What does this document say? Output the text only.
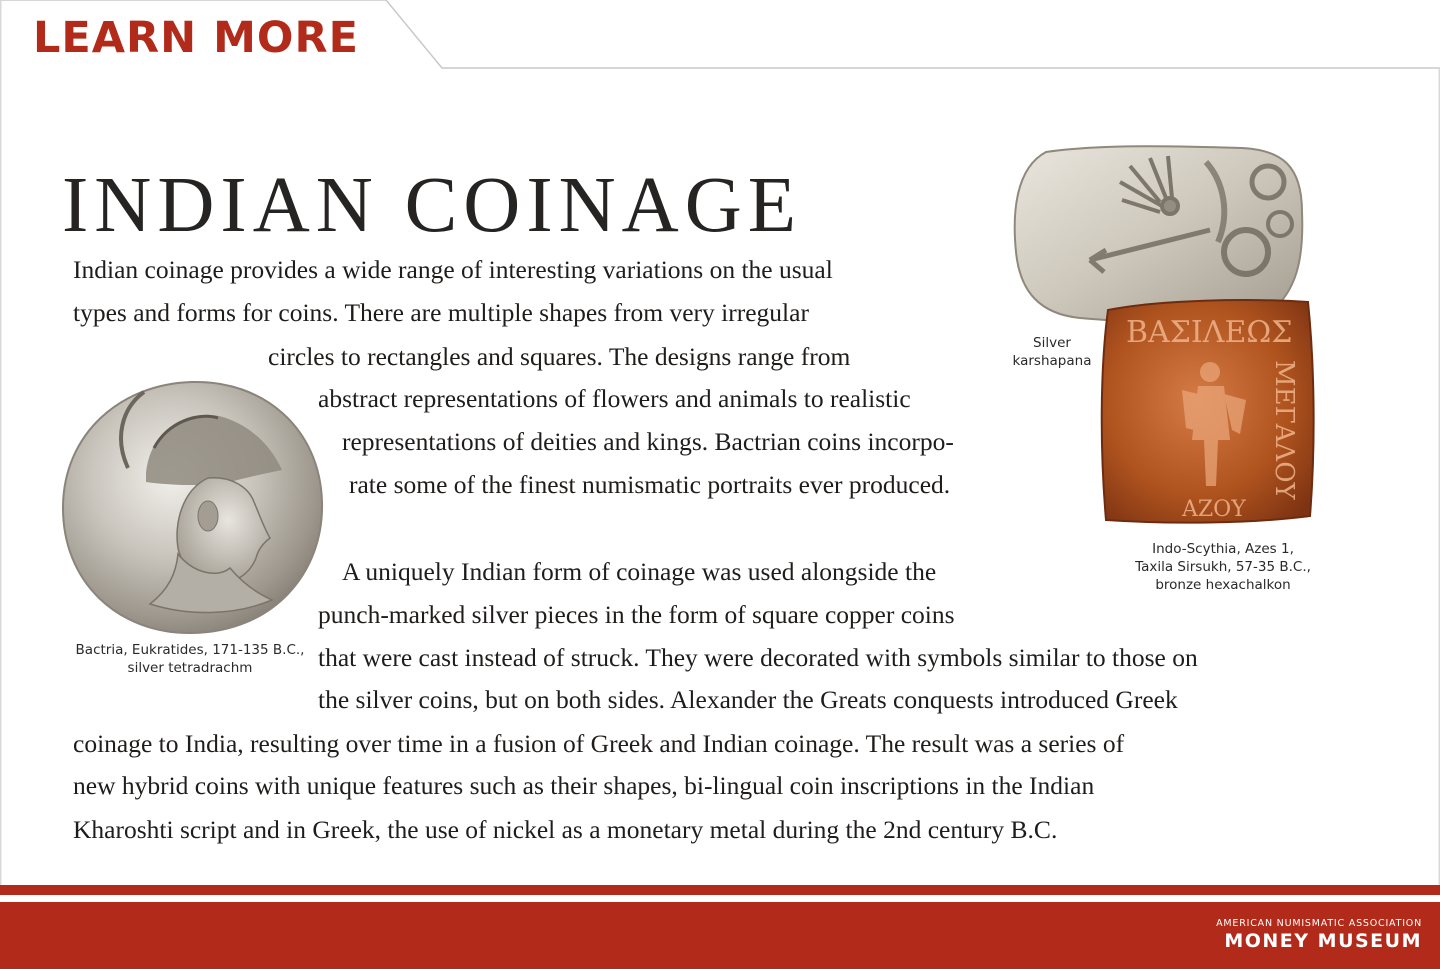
LEARN MORE
INDIAN COINAGE
ΒΑΣΙΛΕΩΣ
ΜΕΓΑΛΟΥ
ΑΖΟΥ
Indian coinage provides a wide range of interesting variations on the usual
types and forms for coins. There are multiple shapes from very irregular
circles to rectangles and squares. The designs range from
abstract representations of flowers and animals to realistic
representations of deities and kings. Bactrian coins incorpo-
rate some of the finest numismatic portraits ever produced.
A uniquely Indian form of coinage was used alongside the
punch-marked silver pieces in the form of square copper coins
that were cast instead of struck. They were decorated with symbols similar to those on
the silver coins, but on both sides. Alexander the Greats conquests introduced Greek
coinage to India, resulting over time in a fusion of Greek and Indian coinage. The result was a series of
new hybrid coins with unique features such as their shapes, bi-lingual coin inscriptions in the Indian
Kharoshti script and in Greek, the use of nickel as a monetary metal during the 2nd century B.C.
Bactria, Eukratides, 171-135 B.C.,
silver tetradrachm
Silver
karshapana
Indo-Scythia, Azes 1,
Taxila Sirsukh, 57-35 B.C.,
bronze hexachalkon
AMERICAN NUMISMATIC ASSOCIATION
MONEY MUSEUM
